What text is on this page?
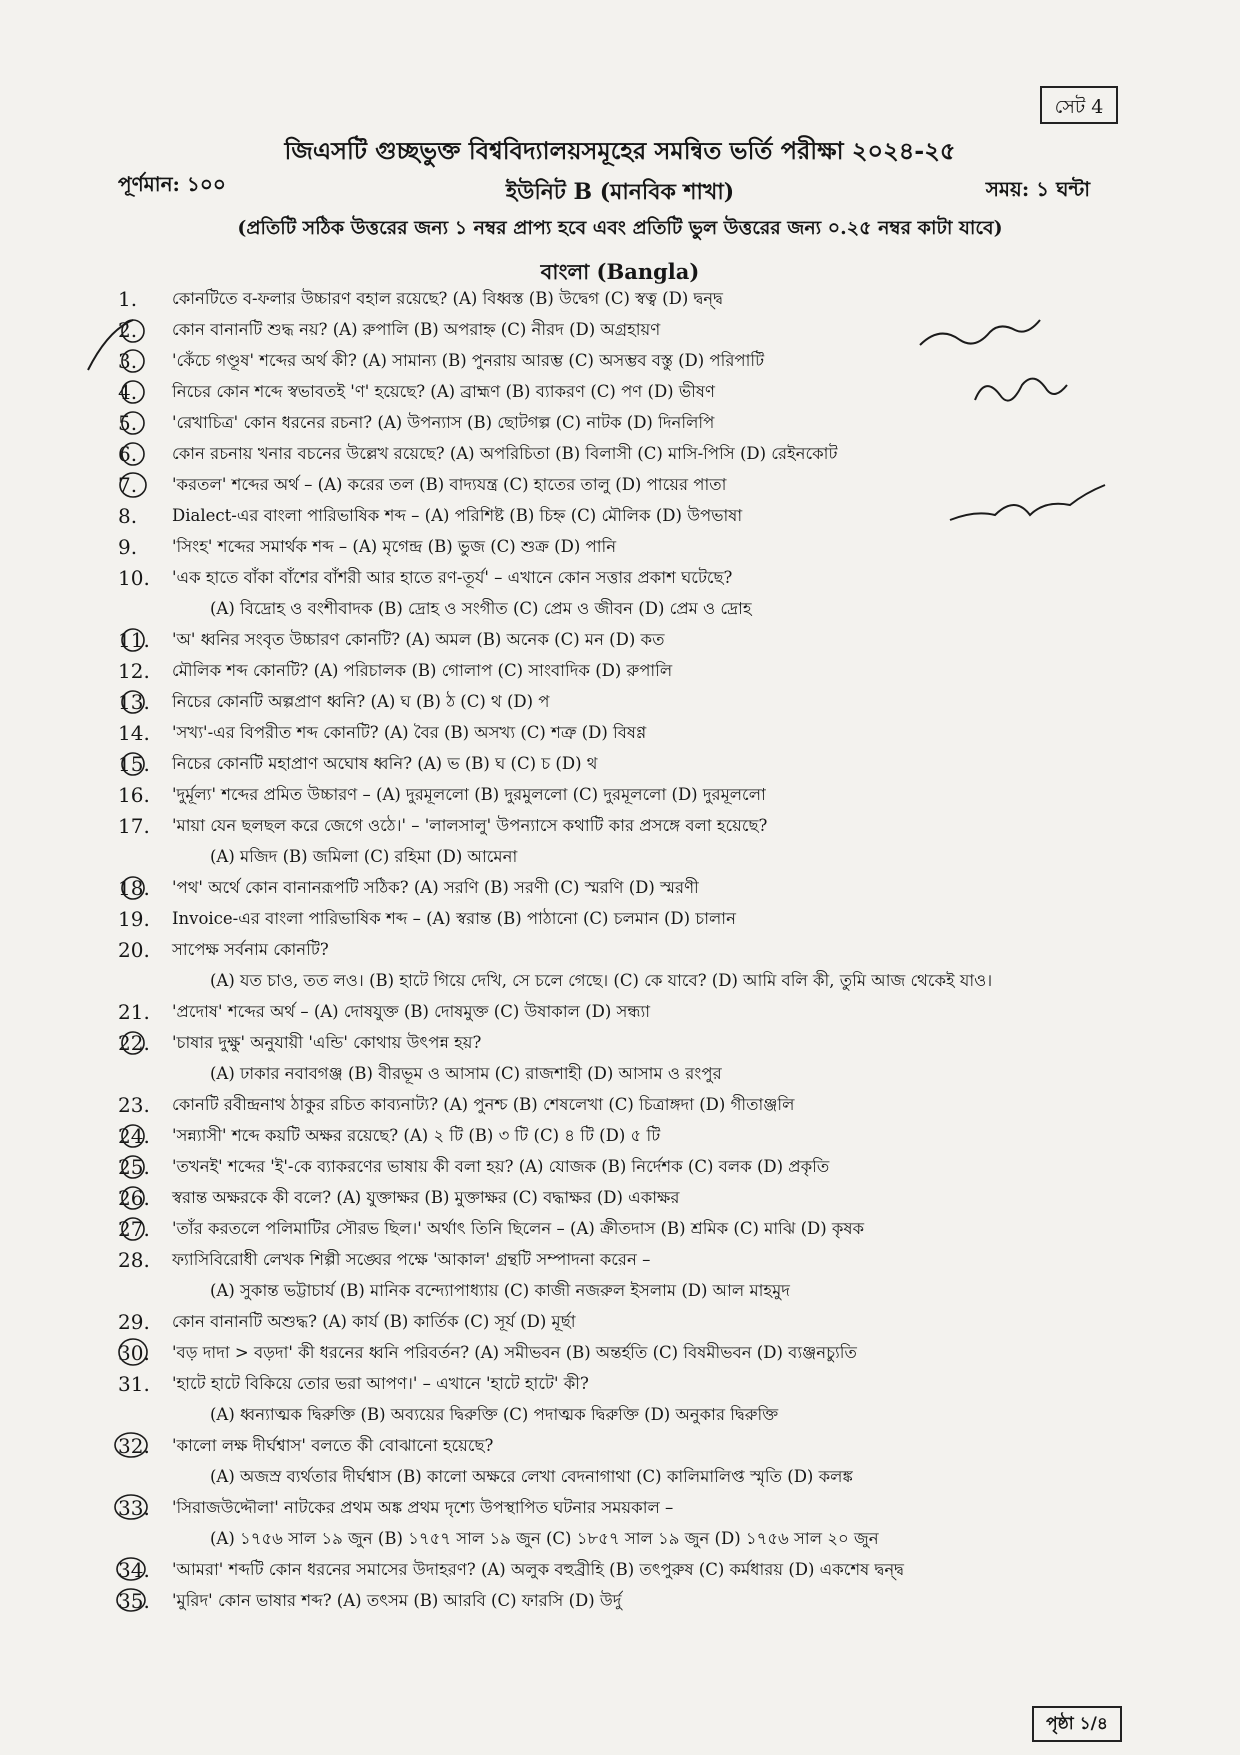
সেট 4
জিএসটি গুচ্ছভুক্ত বিশ্ববিদ্যালয়সমূহের সমন্বিত ভর্তি পরীক্ষা ২০২৪-২৫
পূর্ণমান: ১০০	ইউনিট B (মানবিক শাখা)	সময়: ১ ঘন্টা
(প্রতিটি সঠিক উত্তরের জন্য ১ নম্বর প্রাপ্য হবে এবং প্রতিটি ভুল উত্তরের জন্য ০.২৫ নম্বর কাটা যাবে)
বাংলা (Bangla)
1.	কোনটিতে ব-ফলার উচ্চারণ বহাল রয়েছে? (A) বিধ্বস্ত (B) উদ্বেগ (C) স্বত্ব (D) দ্বন্দ্ব
2.	কোন বানানটি শুদ্ধ নয়? (A) রুপালি (B) অপরাহ্ন (C) নীরদ (D) অগ্রহায়ণ
3.	'কেঁচে গণ্ডূষ' শব্দের অর্থ কী? (A) সামান্য (B) পুনরায় আরম্ভ (C) অসম্ভব বস্তু (D) পরিপাটি
4.	নিচের কোন শব্দে স্বভাবতই 'ণ' হয়েছে? (A) ব্রাহ্মণ (B) ব্যাকরণ (C) পণ (D) ভীষণ
5.	'রেখাচিত্র' কোন ধরনের রচনা? (A) উপন্যাস (B) ছোটগল্প (C) নাটক (D) দিনলিপি
6.	কোন রচনায় খনার বচনের উল্লেখ রয়েছে? (A) অপরিচিতা (B) বিলাসী (C) মাসি-পিসি (D) রেইনকোট
7.	'করতল' শব্দের অর্থ – (A) করের তল (B) বাদ্যযন্ত্র (C) হাতের তালু (D) পায়ের পাতা
8.	Dialect-এর বাংলা পারিভাষিক শব্দ – (A) পরিশিষ্ট (B) চিহ্ন (C) মৌলিক (D) উপভাষা
9.	'সিংহ' শব্দের সমার্থক শব্দ – (A) মৃগেন্দ্র (B) ভুজ (C) শুক্র (D) পানি
10.	'এক হাতে বাঁকা বাঁশের বাঁশরী আর হাতে রণ-তূর্য' – এখানে কোন সত্তার প্রকাশ ঘটেছে?
(A) বিদ্রোহ ও বংশীবাদক (B) দ্রোহ ও সংগীত (C) প্রেম ও জীবন (D) প্রেম ও দ্রোহ
11.	'অ' ধ্বনির সংবৃত উচ্চারণ কোনটি? (A) অমল (B) অনেক (C) মন (D) কত
12.	মৌলিক শব্দ কোনটি? (A) পরিচালক (B) গোলাপ (C) সাংবাদিক (D) রুপালি
13.	নিচের কোনটি অল্পপ্রাণ ধ্বনি? (A) ঘ (B) ঠ (C) থ (D) প
14.	'সখ্য'-এর বিপরীত শব্দ কোনটি? (A) বৈর (B) অসখ্য (C) শত্রু (D) বিষণ্ণ
15.	নিচের কোনটি মহাপ্রাণ অঘোষ ধ্বনি? (A) ভ (B) ঘ (C) চ (D) থ
16.	'দুর্মূল্য' শব্দের প্রমিত উচ্চারণ – (A) দুরমূললো (B) দুরমুললো (C) দুরমূললো (D) দুরমূললো
17.	'মায়া যেন ছলছল করে জেগে ওঠে।' – 'লালসালু' উপন্যাসে কথাটি কার প্রসঙ্গে বলা হয়েছে?
(A) মজিদ (B) জমিলা (C) রহিমা (D) আমেনা
18.	'পথ' অর্থে কোন বানানরূপটি সঠিক? (A) সরণি (B) সরণী (C) স্মরণি (D) স্মরণী
19.	Invoice-এর বাংলা পারিভাষিক শব্দ – (A) স্বরান্ত (B) পাঠানো (C) চলমান (D) চালান
20.	সাপেক্ষ সর্বনাম কোনটি?
(A) যত চাও, তত লও। (B) হাটে গিয়ে দেখি, সে চলে গেছে। (C) কে যাবে? (D) আমি বলি কী, তুমি আজ থেকেই যাও।
21.	'প্রদোষ' শব্দের অর্থ – (A) দোষযুক্ত (B) দোষমুক্ত (C) উষাকাল (D) সন্ধ্যা
22.	'চাষার দুক্ষু' অনুযায়ী 'এন্ডি' কোথায় উৎপন্ন হয়?
(A) ঢাকার নবাবগঞ্জ (B) বীরভূম ও আসাম (C) রাজশাহী (D) আসাম ও রংপুর
23.	কোনটি রবীন্দ্রনাথ ঠাকুর রচিত কাব্যনাট্য? (A) পুনশ্চ (B) শেষলেখা (C) চিত্রাঙ্গদা (D) গীতাঞ্জলি
24.	'সন্ন্যাসী' শব্দে কয়টি অক্ষর রয়েছে? (A) ২ টি (B) ৩ টি (C) ৪ টি (D) ৫ টি
25.	'তখনই' শব্দের 'ই'-কে ব্যাকরণের ভাষায় কী বলা হয়? (A) যোজক (B) নির্দেশক (C) বলক (D) প্রকৃতি
26.	স্বরান্ত অক্ষরকে কী বলে? (A) যুক্তাক্ষর (B) মুক্তাক্ষর (C) বদ্ধাক্ষর (D) একাক্ষর
27.	'তাঁর করতলে পলিমাটির সৌরভ ছিল।' অর্থাৎ তিনি ছিলেন – (A) ক্রীতদাস (B) শ্রমিক (C) মাঝি (D) কৃষক
28.	ফ্যাসিবিরোধী লেখক শিল্পী সঙ্ঘের পক্ষে 'আকাল' গ্রন্থটি সম্পাদনা করেন –
(A) সুকান্ত ভট্টাচার্য (B) মানিক বন্দ্যোপাধ্যায় (C) কাজী নজরুল ইসলাম (D) আল মাহমুদ
29.	কোন বানানটি অশুদ্ধ? (A) কার্য (B) কার্তিক (C) সূর্য (D) মূর্ছা
30.	'বড় দাদা > বড়দা' কী ধরনের ধ্বনি পরিবর্তন? (A) সমীভবন (B) অন্তর্হতি (C) বিষমীভবন (D) ব্যঞ্জনচ্যুতি
31.	'হাটে হাটে বিকিয়ে তোর ভরা আপণ।' – এখানে 'হাটে হাটে' কী?
(A) ধ্বন্যাত্মক দ্বিরুক্তি (B) অব্যয়ের দ্বিরুক্তি (C) পদাত্মক দ্বিরুক্তি (D) অনুকার দ্বিরুক্তি
32.	'কালো লক্ষ দীর্ঘশ্বাস' বলতে কী বোঝানো হয়েছে?
(A) অজস্র ব্যর্থতার দীর্ঘশ্বাস (B) কালো অক্ষরে লেখা বেদনাগাথা (C) কালিমালিপ্ত স্মৃতি (D) কলঙ্ক
33.	'সিরাজউদ্দৌলা' নাটকের প্রথম অঙ্ক প্রথম দৃশ্যে উপস্থাপিত ঘটনার সময়কাল –
(A) ১৭৫৬ সাল ১৯ জুন (B) ১৭৫৭ সাল ১৯ জুন (C) ১৮৫৭ সাল ১৯ জুন (D) ১৭৫৬ সাল ২০ জুন
34.	'আমরা' শব্দটি কোন ধরনের সমাসের উদাহরণ? (A) অলুক বহুব্রীহি (B) তৎপুরুষ (C) কর্মধারয় (D) একশেষ দ্বন্দ্ব
35.	'মুরিদ' কোন ভাষার শব্দ? (A) তৎসম (B) আরবি (C) ফারসি (D) উর্দু
পৃষ্ঠা ১/৪
